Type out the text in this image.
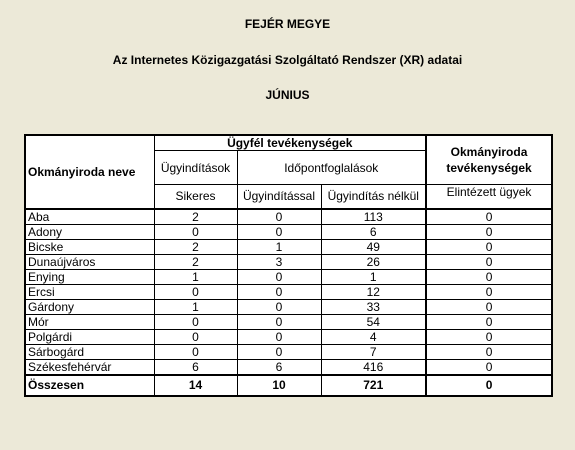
FEJÉR MEGYE
Az Internetes Közigazgatási Szolgáltató Rendszer (XR) adatai
JÚNIUS
Okmányiroda neve	Ügyfél tevékenységek			Okmányiroda tevékenységek
	Ügyindítások	Időpontfoglalások		
	Sikeres	Ügyindítással	Ügyindítás nélkül	Elintézett ügyek
Aba	2	0	113	0
Adony	0	0	6	0
Bicske	2	1	49	0
Dunaújváros	2	3	26	0
Enying	1	0	1	0
Ercsi	0	0	12	0
Gárdony	1	0	33	0
Mór	0	0	54	0
Polgárdi	0	0	4	0
Sárbogárd	0	0	7	0
Székesfehérvár	6	6	416	0
Összesen	14	10	721	0
